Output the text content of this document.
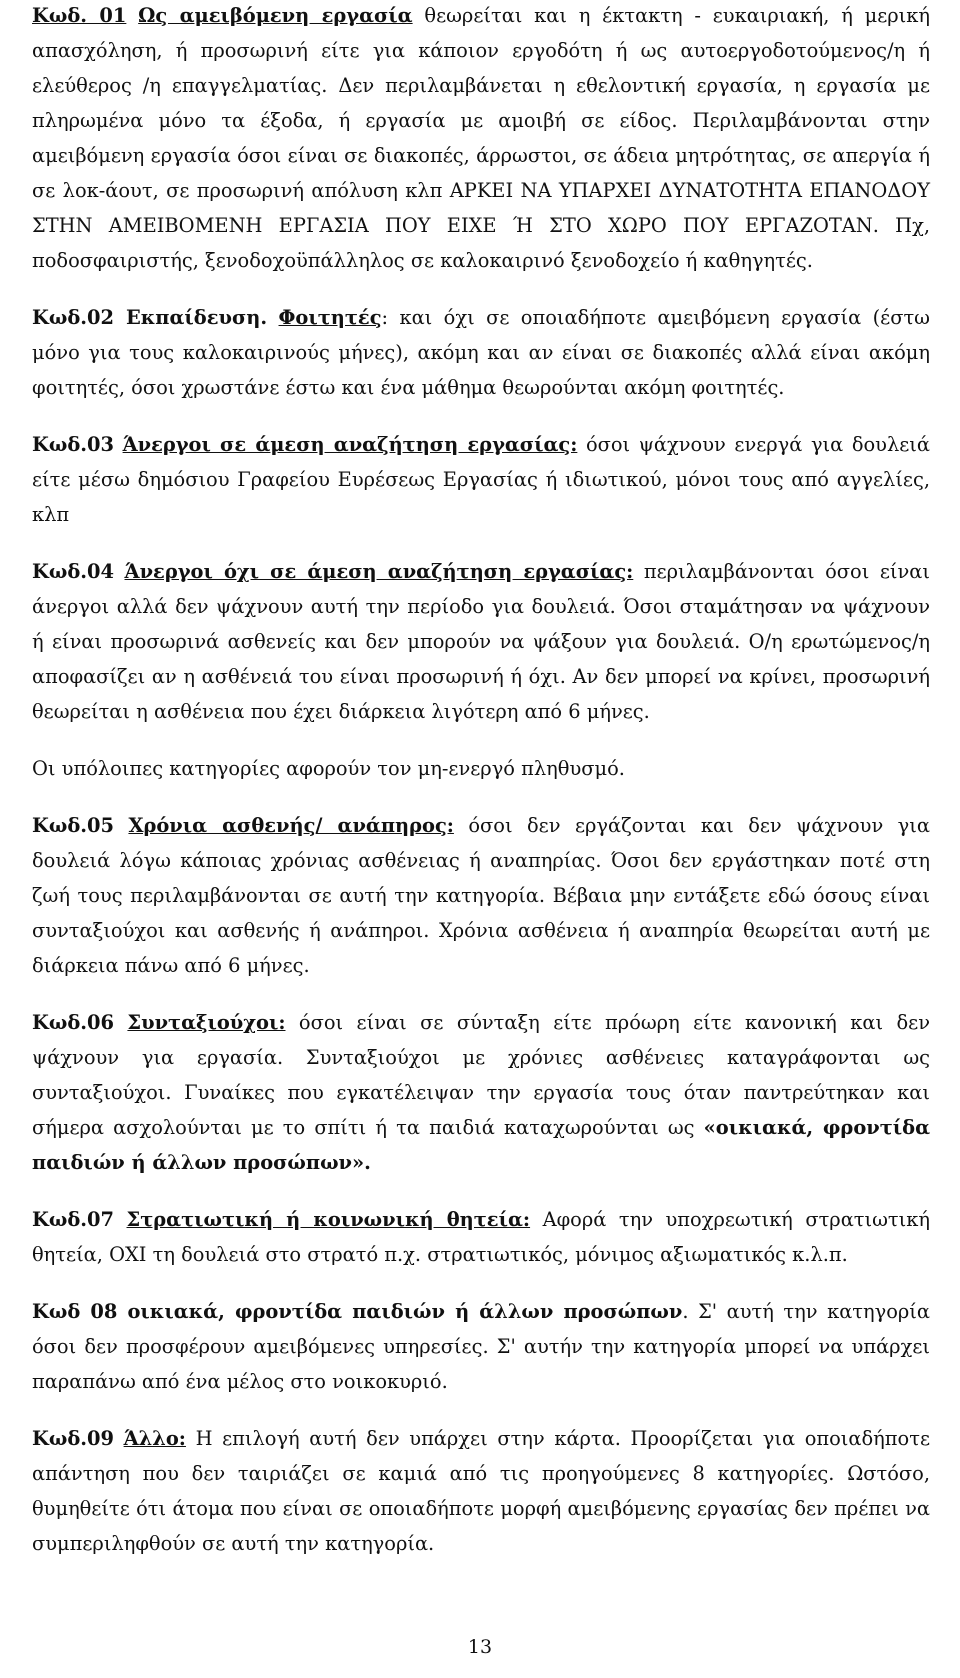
Κωδ. 01 Ως αμειβόμενη εργασία θεωρείται και η έκτακτη - ευκαιριακή, ή μερική απασχόληση, ή προσωρινή είτε για κάποιον εργοδότη ή ως αυτοεργοδοτούμενος/η ή ελεύθερος /η επαγγελματίας. Δεν περιλαμβάνεται η εθελοντική εργασία, η εργασία με πληρωμένα μόνο τα έξοδα, ή εργασία με αμοιβή σε είδος. Περιλαμβάνονται στην αμειβόμενη εργασία όσοι είναι σε διακοπές, άρρωστοι, σε άδεια μητρότητας, σε απεργία ή σε λοκ-άουτ, σε προσωρινή απόλυση κλπ ΑΡΚΕΙ ΝΑ ΥΠΑΡΧΕΙ ΔΥΝΑΤΟΤΗΤΑ ΕΠΑΝΟΔΟΥ ΣΤΗΝ ΑΜΕΙΒΟΜΕΝΗ ΕΡΓΑΣΙΑ ΠΟΥ ΕΙΧΕ Ή ΣΤΟ ΧΩΡΟ ΠΟΥ ΕΡΓΑΖΟΤΑΝ. Πχ, ποδοσφαιριστής, ξενοδοχοϋπάλληλος σε καλοκαιρινό ξενοδοχείο ή καθηγητές.

Κωδ.02 Εκπαίδευση. Φοιτητές: και όχι σε οποιαδήποτε αμειβόμενη εργασία (έστω μόνο για τους καλοκαιρινούς μήνες), ακόμη και αν είναι σε διακοπές αλλά είναι ακόμη φοιτητές, όσοι χρωστάνε έστω και ένα μάθημα θεωρούνται ακόμη φοιτητές.

Κωδ.03 Άνεργοι σε άμεση αναζήτηση εργασίας: όσοι ψάχνουν ενεργά για δουλειά είτε μέσω δημόσιου Γραφείου Ευρέσεως Εργασίας ή ιδιωτικού, μόνοι τους από αγγελίες, κλπ

Κωδ.04 Άνεργοι όχι σε άμεση αναζήτηση εργασίας: περιλαμβάνονται όσοι είναι άνεργοι αλλά δεν ψάχνουν αυτή την περίοδο για δουλειά. Όσοι σταμάτησαν να ψάχνουν ή είναι προσωρινά ασθενείς και δεν μπορούν να ψάξουν για δουλειά. Ο/η ερωτώμενος/η αποφασίζει αν η ασθένειά του είναι προσωρινή ή όχι. Αν δεν μπορεί να κρίνει, προσωρινή θεωρείται η ασθένεια που έχει διάρκεια λιγότερη από 6 μήνες.

Οι υπόλοιπες κατηγορίες αφορούν τον μη-ενεργό πληθυσμό.

Κωδ.05 Χρόνια ασθενής/ ανάπηρος: όσοι δεν εργάζονται και δεν ψάχνουν για δουλειά λόγω κάποιας χρόνιας ασθένειας ή αναπηρίας. Όσοι δεν εργάστηκαν ποτέ στη ζωή τους περιλαμβάνονται σε αυτή την κατηγορία. Βέβαια μην εντάξετε εδώ όσους είναι συνταξιούχοι και ασθενής ή ανάπηροι. Χρόνια ασθένεια ή αναπηρία θεωρείται αυτή με διάρκεια πάνω από 6 μήνες.

Κωδ.06 Συνταξιούχοι: όσοι είναι σε σύνταξη είτε πρόωρη είτε κανονική και δεν ψάχνουν για εργασία. Συνταξιούχοι με χρόνιες ασθένειες καταγράφονται ως συνταξιούχοι. Γυναίκες που εγκατέλειψαν την εργασία τους όταν παντρεύτηκαν και σήμερα ασχολούνται με το σπίτι ή τα παιδιά καταχωρούνται ως «οικιακά, φροντίδα παιδιών ή άλλων προσώπων».

Κωδ.07 Στρατιωτική ή κοινωνική θητεία: Αφορά την υποχρεωτική στρατιωτική θητεία, ΟΧΙ τη δουλειά στο στρατό π.χ. στρατιωτικός, μόνιμος αξιωματικός κ.λ.π.

Κωδ 08 οικιακά, φροντίδα παιδιών ή άλλων προσώπων. Σ' αυτή την κατηγορία όσοι δεν προσφέρουν αμειβόμενες υπηρεσίες. Σ' αυτήν την κατηγορία μπορεί να υπάρχει παραπάνω από ένα μέλος στο νοικοκυριό.

Κωδ.09 Άλλο: Η επιλογή αυτή δεν υπάρχει στην κάρτα. Προορίζεται για οποιαδήποτε απάντηση που δεν ταιριάζει σε καμιά από τις προηγούμενες 8 κατηγορίες. Ωστόσο, θυμηθείτε ότι άτομα που είναι σε οποιαδήποτε μορφή αμειβόμενης εργασίας δεν πρέπει να συμπεριληφθούν σε αυτή την κατηγορία.

13
